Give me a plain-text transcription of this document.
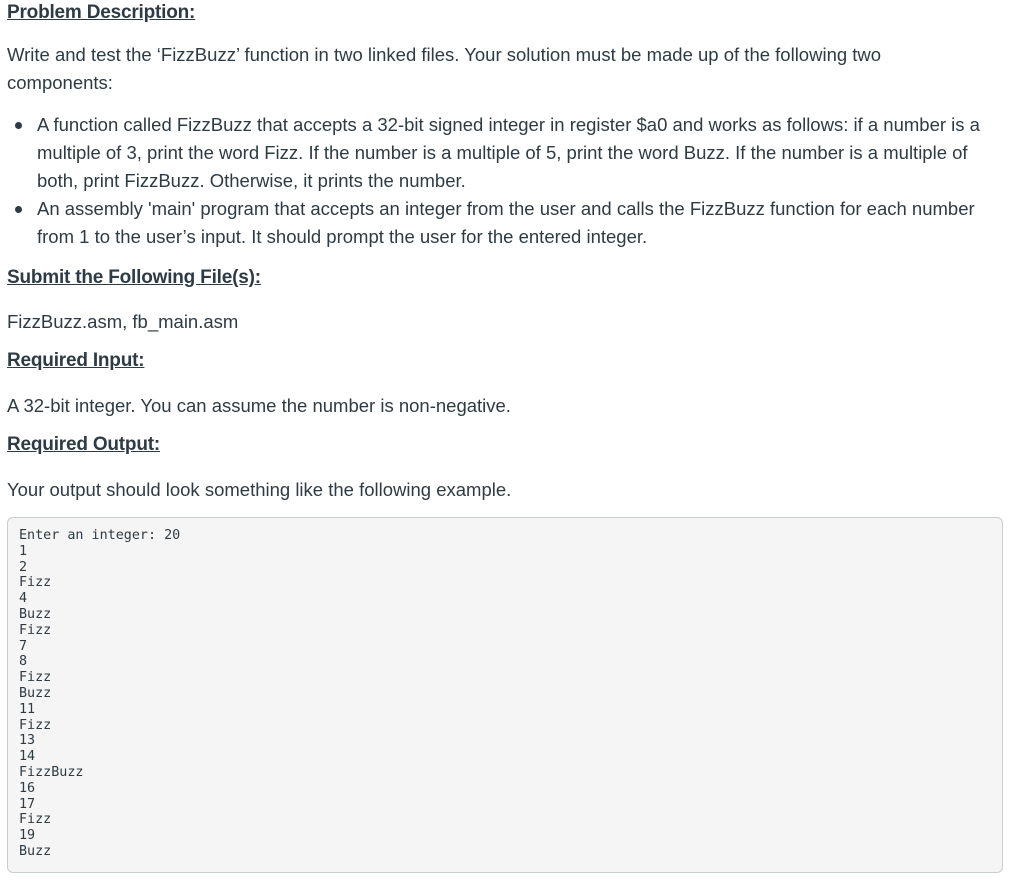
Problem Description:

Write and test the ‘FizzBuzz’ function in two linked files. Your solution must be made up of the following two components:

A function called FizzBuzz that accepts a 32-bit signed integer in register $a0 and works as follows: if a number is a multiple of 3, print the word Fizz. If the number is a multiple of 5, print the word Buzz. If the number is a multiple of both, print FizzBuzz. Otherwise, it prints the number.
An assembly 'main' program that accepts an integer from the user and calls the FizzBuzz function for each number from 1 to the user’s input. It should prompt the user for the entered integer.
Submit the Following File(s):

FizzBuzz.asm, fb_main.asm

Required Input:

A 32-bit integer. You can assume the number is non-negative.

Required Output:

Your output should look something like the following example.

Enter an integer: 20
1
2
Fizz
4
Buzz
Fizz
7
8
Fizz
Buzz
11
Fizz
13
14
FizzBuzz
16
17
Fizz
19
Buzz
